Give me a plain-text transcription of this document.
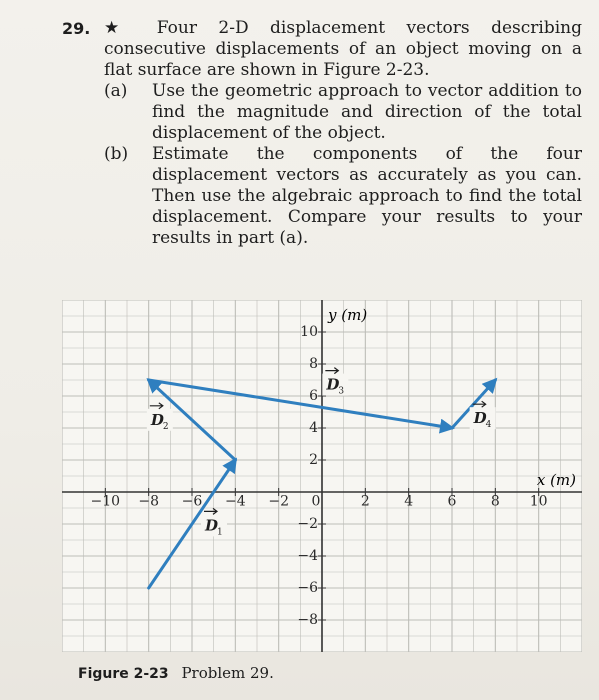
29. ★ Four 2-D displacement vectors describing consecutive displacements of an object moving on a flat surface are shown in Figure 2-23.
(a) Use the geometric approach to vector addition to find the magnitude and direction of the total displacement of the object.
(b) Estimate the components of the four displacement vectors as accurately as you can. Then use the algebraic approach to find the total displacement. Compare your results to your results in part (a).
−10 −8 −6 −4 −2 0	2 4 6 8 10
10
8
6
4
2
−2
−4
−6
−8
D
1
D
2
D
3
D
4
x (m)
y (m)
Figure 2-23 Problem 29.
